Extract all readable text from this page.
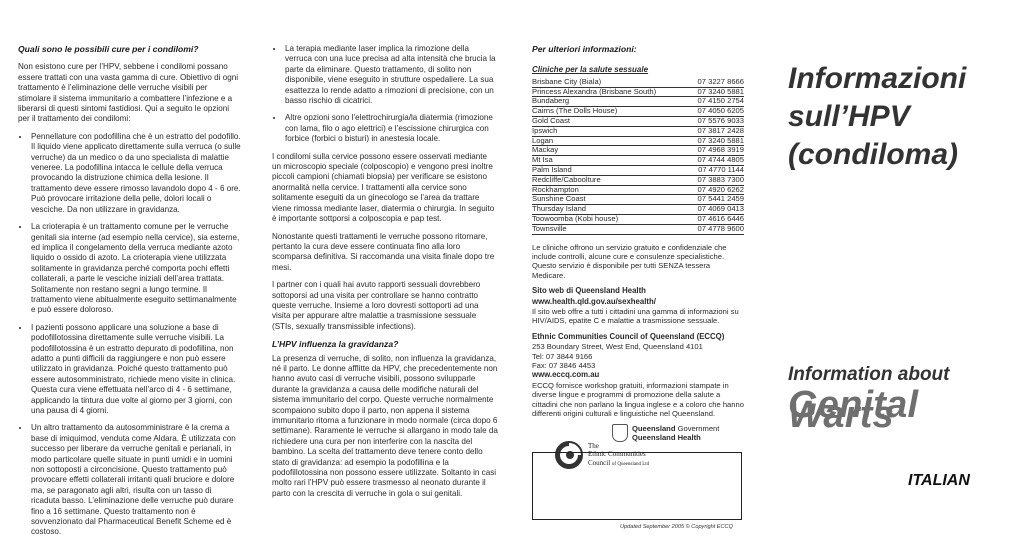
Quali sono le possibili cure per i condilomi?

Non esistono cure per l’HPV, sebbene i condilomi possano essere trattati con una vasta gamma di cure. Obiettivo di ogni trattamento è l’eliminazione delle verruche visibili per stimolare il sistema immunitario a combattere l’infezione e a liberarsi di questi sintomi fastidiosi. Qui a seguito le opzioni per il trattamento dei condilomi:

• Pennellature con podofillina che è un estratto del podofillo. Il liquido viene applicato direttamente sulla verruca (o sulle verruche) da un medico o da uno specialista di malattie veneree. La podofillina intacca le cellule della verruca provocando la distruzione chimica della lesione. Il trattamento deve essere rimosso lavandolo dopo 4 - 6 ore. Può provocare irritazione della pelle, dolori locali o vesciche. Da non utilizzare in gravidanza.
• La crioterapia è un trattamento comune per le verruche genitali sia interne (ad esempio nella cervice), sia esterne, ed implica il congelamento della verruca mediante azoto liquido o ossido di azoto. La crioterapia viene utilizzata solitamente in gravidanza perché comporta pochi effetti collaterali, a parte le vesciche iniziali dell’area trattata. Solitamente non restano segni a lungo termine. Il trattamento viene abitualmente eseguito settimanalmente e può essere doloroso.
• I pazienti possono applicare una soluzione a base di podofillotossina direttamente sulle verruche visibili. La podofillotossina è un estratto depurato di podofillina, non adatto a punti difficili da raggiungere e non può essere utilizzato in gravidanza. Poiché questo trattamento può essere autosomministrato, richiede meno visite in clinica. Questa cura viene effettuata nell’arco di 4 - 6 settimane, applicando la tintura due volte al giorno per 3 giorni, con una pausa di 4 giorni.
• Un altro trattamento da autosomministrare è la crema a base di imiquimod, venduta come Aldara. È utilizzata con successo per liberare da verruche genitali e perianali, in modo particolare quelle situate in punti umidi e in uomini non sottoposti a circoncisione. Questo trattamento può provocare effetti collaterali irritanti quali bruciore e dolore ma, se paragonato agli altri, risulta con un tasso di ricaduta basso. L’eliminazione delle verruche può durare fino a 16 settimane. Questo trattamento non è sovvenzionato dal Pharmaceutical Benefit Scheme ed è costoso.
• La terapia mediante laser implica la rimozione della verruca con una luce precisa ad alta intensità che brucia la parte da eliminare. Questo trattamento, di solito non disponibile, viene eseguito in strutture ospedaliere. La sua esattezza lo rende adatto a rimozioni di precisione, con un basso rischio di cicatrici.
• Altre opzioni sono l’elettrochirurgia/la diatermia (rimozione con lama, filo o ago elettrici) e l’escissione chirurgica con forbice (forbici o bisturi) in anestesia locale.

I condilomi sulla cervice possono essere osservati mediante un microscopio speciale (colposcopio) e vengono presi inoltre piccoli campioni (chiamati biopsia) per verificare se esistono anormalità nella cervice. I trattamenti alla cervice sono solitamente eseguiti da un ginecologo se l’area da trattare viene rimossa mediante laser, diatermia o chirurgia. In seguito è importante sottporsi a colposcopia e pap test.

Nonostante questi trattamenti le verruche possono ritornare, pertanto la cura deve essere continuata fino alla loro scomparsa definitiva. Si raccomanda una visita finale dopo tre mesi.

I partner con i quali hai avuto rapporti sessuali dovrebbero sottoporsi ad una visita per controllare se hanno contratto queste verruche. Insieme a loro dovresti sottoporti ad una visita per appurare altre malattie a trasmissione sessuale (STIs, sexually transmissible infections).

L’HPV influenza la gravidanza?

La presenza di verruche, di solito, non influenza la gravidanza, né il parto. Le donne afflitte da HPV, che precedentemente non hanno avuto casi di verruche visibili, possono svilupparle durante la gravidanza a causa delle modifiche naturali del sistema immunitario del corpo. Queste verruche normalmente scompaiono subito dopo il parto, non appena il sistema immunitario ritorna a funzionare in modo normale (circa dopo 6 settimane). Raramente le verruche si allargano in modo tale da richiedere una cura per non interferire con la nascita del bambino. La scelta del trattamento deve tenere conto dello stato di gravidanza: ad esempio la podofillina e la podofillotossina non possono essere utilizzate. Soltanto in casi molto rari l’HPV può essere trasmesso al neonato durante il parto con la crescita di verruche in gola o sui genitali.

Per ulteriori informazioni:
Cliniche per la salute sessuale
Brisbane City (Biala)	07 3227 8666
Princess Alexandra (Brisbane South)	07 3240 5881
Bundaberg	07 4150 2754
Cairns (The Dolls House)	07 4050 6205
Gold Coast	07 5576 9033
Ipswich	07 3817 2428
Logan	07 3240 5881
Mackay	07 4968 3919
Mt Isa	07 4744 4805
Palm Island	07 4770 1144
Redcliffe/Caboolture	07 3883 7300
Rockhampton	07 4920 6262
Sunshine Coast	07 5441 2459
Thursday Island	07 4069 0413
Toowoomba (Kobi house)	07 4616 6446
Townsville	07 4778 9600

Le cliniche offrono un servizio gratuito e confidenziale che include controlli, alcune cure e consulenze specialistiche. Questo servizio è disponibile per tutti SENZA tessera Medicare.

Sito web di Queensland Health

www.health.qld.gov.au/sexhealth/

Il sito web offre a tutti i cittadini una gamma di informazioni su HIV/AIDS, epatite C e malattie a trasmissione sessuale.

Ethnic Communities Council of Queensland (ECCQ)

253 Boundary Street, West End, Queensland 4101

Tel: 07 3844 9166

Fax: 07 3846 4453

www.eccq.com.au

ECCQ fornisce workshop gratuiti, informazioni stampate in diverse lingue e programmi di promozione della salute a cittadini che non parlano la lingua inglese e a coloro che hanno differenti origini culturali e linguistiche nel Queensland.

Queensland Government
Queensland Health
The
Ethnic Communities
Council of Queensland Ltd
Updated September 2005 © Copyright ECCQ
Informazioni
sull’HPV
(condiloma)
Information about
Genital Warts
ITALIAN
